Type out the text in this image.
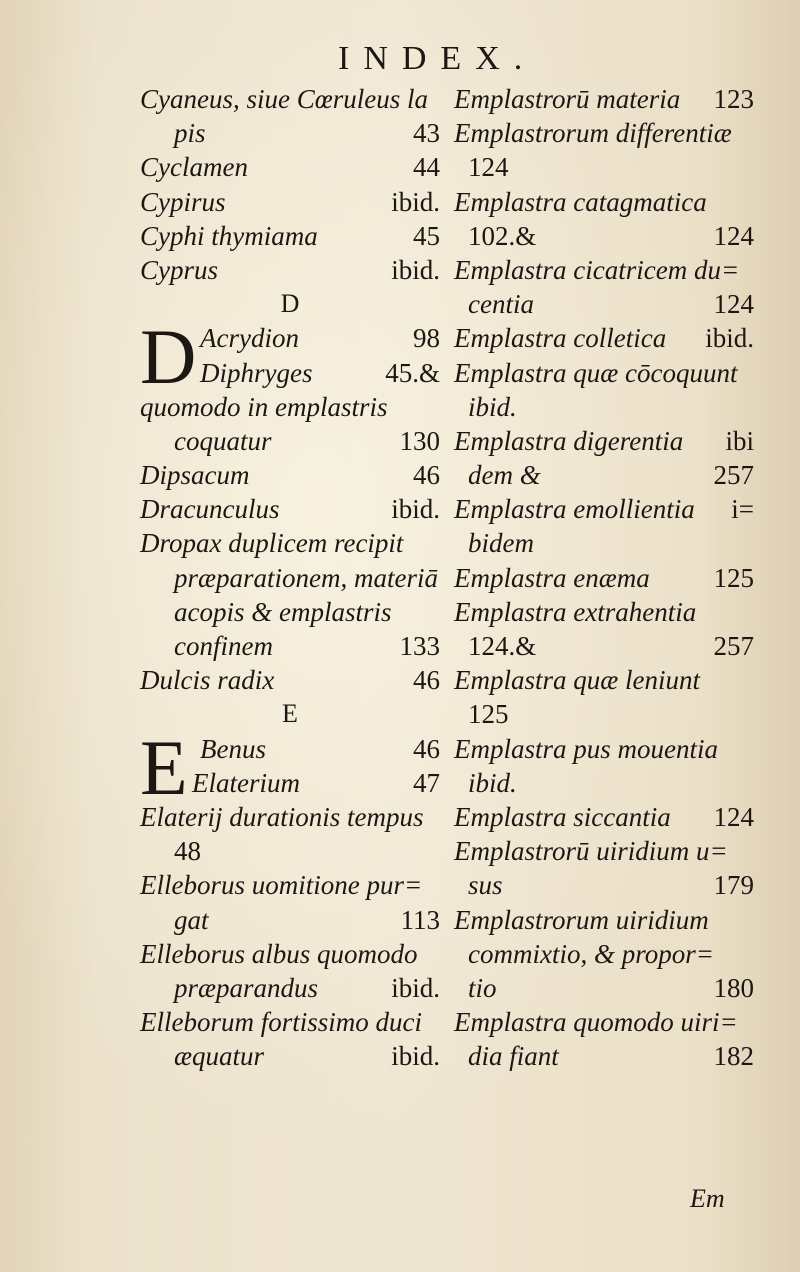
INDEX.
Cyaneus, siue Cœruleus la
pis	43
Cyclamen	44
Cypirus	ibid.
Cyphi thymiama	45
Cyprus	ibid.
D
D Acrydion	98
Diphryges	45.&
quomodo in emplastris
coquatur	130
Dipsacum	46
Dracunculus	ibid.
Dropax duplicem recipit
præparationem, materiā
acopis & emplastris
confinem	133
Dulcis radix	46
E
E Benus	46
Elaterium	47
Elaterij durationis tempus
48
Elleborus uomitione pur=
gat	113
Elleborus albus quomodo
præparandus	ibid.
Elleborum fortissimo duci
æquatur	ibid.
Emplastrorū materia 123
Emplastrorum differentiæ
124
Emplastra catagmatica
102.&	124
Emplastra cicatricem du=
centia	124
Emplastra colletica ibid.
Emplastra quæ cōcoquunt
ibid.
Emplastra digerentia ibi
dem &	257
Emplastra emollientia i=
bidem
Emplastra enæma 125
Emplastra extrahentia
124.&	257
Emplastra quæ leniunt
125
Emplastra pus mouentia
ibid.
Emplastra siccantia 124
Emplastrorū uiridium u=
sus	179
Emplastrorum uiridium
commixtio, & propor=
tio	180
Emplastra quomodo uiri=
dia fiant	182
Em
